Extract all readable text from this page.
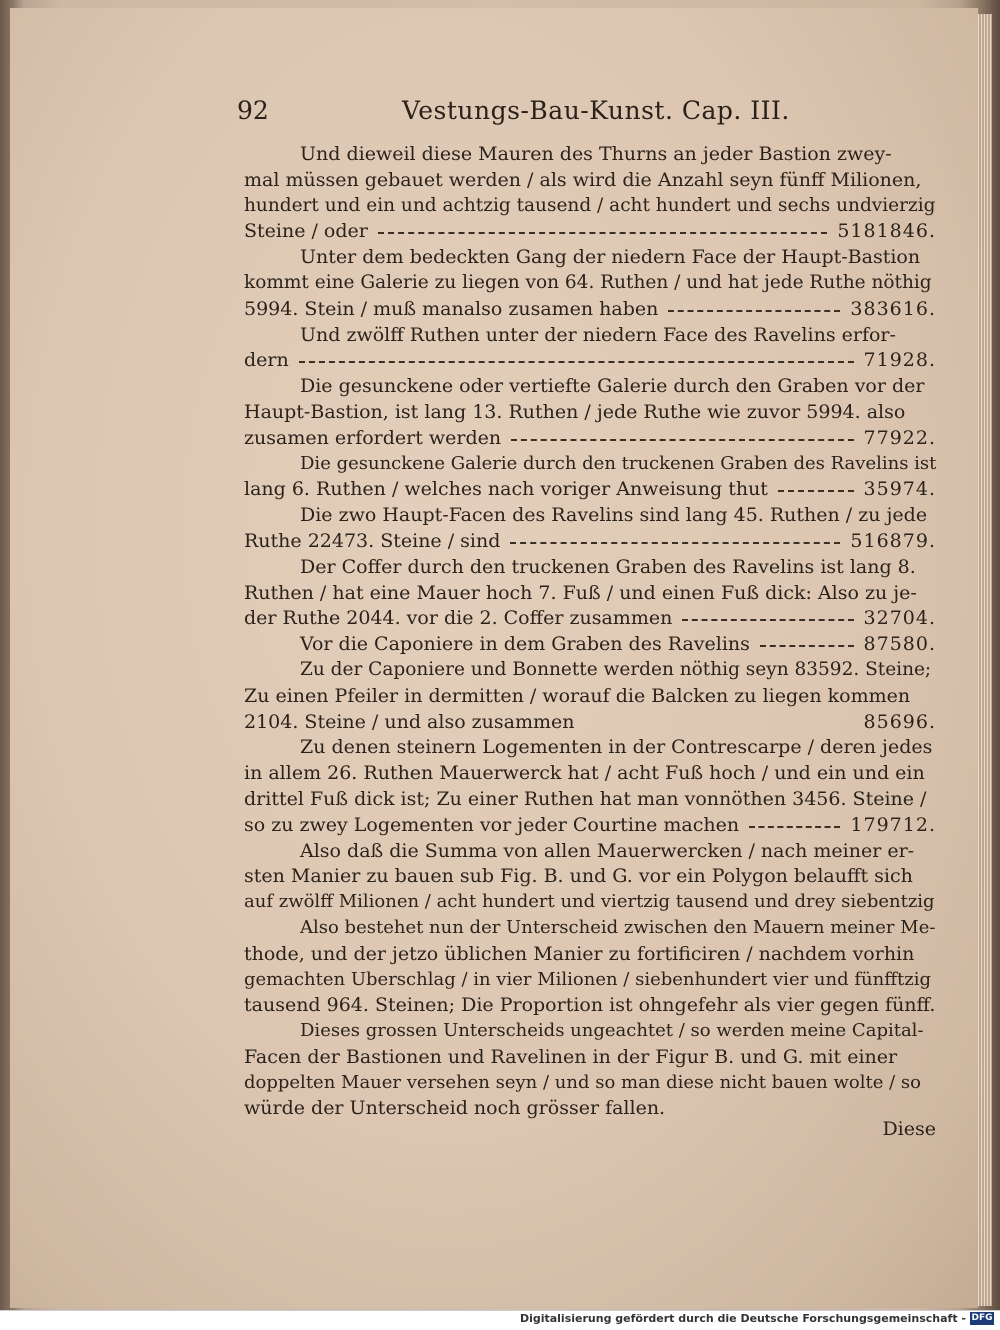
92	Vestungs-Bau-Kunst. Cap. III.
Und dieweil diese Mauren des Thurns an jeder Bastion zwey-
mal müssen gebauet werden / als wird die Anzahl seyn fünff Milionen,
hundert und ein und achtzig tausend / acht hundert und sechs undvierzig
Steine / oder	5181846.
Unter dem bedeckten Gang der niedern Face der Haupt-Bastion
kommt eine Galerie zu liegen von 64. Ruthen / und hat jede Ruthe nöthig
5994. Stein / muß manalso zusamen haben	383616.
Und zwölff Ruthen unter der niedern Face des Ravelins erfor-
dern	71928.
Die gesunckene oder vertiefte Galerie durch den Graben vor der
Haupt-Bastion, ist lang 13. Ruthen / jede Ruthe wie zuvor 5994. also
zusamen erfordert werden	77922.
Die gesunckene Galerie durch den truckenen Graben des Ravelins ist
lang 6. Ruthen / welches nach voriger Anweisung thut	35974.
Die zwo Haupt-Facen des Ravelins sind lang 45. Ruthen / zu jede
Ruthe 22473. Steine / sind	516879.
Der Coffer durch den truckenen Graben des Ravelins ist lang 8.
Ruthen / hat eine Mauer hoch 7. Fuß / und einen Fuß dick: Also zu je-
der Ruthe 2044. vor die 2. Coffer zusammen	32704.
Vor die Caponiere in dem Graben des Ravelins	87580.
Zu der Caponiere und Bonnette werden nöthig seyn 83592. Steine;
Zu einen Pfeiler in dermitten / worauf die Balcken zu liegen kommen
2104. Steine / und also zusammen	85696.
Zu denen steinern Logementen in der Contrescarpe / deren jedes
in allem 26. Ruthen Mauerwerck hat / acht Fuß hoch / und ein und ein
drittel Fuß dick ist; Zu einer Ruthen hat man vonnöthen 3456. Steine /
so zu zwey Logementen vor jeder Courtine machen	179712.
Also daß die Summa von allen Mauerwercken / nach meiner er-
sten Manier zu bauen sub Fig. B. und G. vor ein Polygon belaufft sich
auf zwölff Milionen / acht hundert und viertzig tausend und drey siebentzig
Also bestehet nun der Unterscheid zwischen den Mauern meiner Me-
thode, und der jetzo üblichen Manier zu fortificiren / nachdem vorhin
gemachten Uberschlag / in vier Milionen / siebenhundert vier und fünfftzig
tausend 964. Steinen; Die Proportion ist ohngefehr als vier gegen fünff.
Dieses grossen Unterscheids ungeachtet / so werden meine Capital-
Facen der Bastionen und Ravelinen in der Figur B. und G. mit einer
doppelten Mauer versehen seyn / und so man diese nicht bauen wolte / so
würde der Unterscheid noch grösser fallen.
Diese
Digitalisierung gefördert durch die Deutsche Forschungsgemeinschaft - DFG
